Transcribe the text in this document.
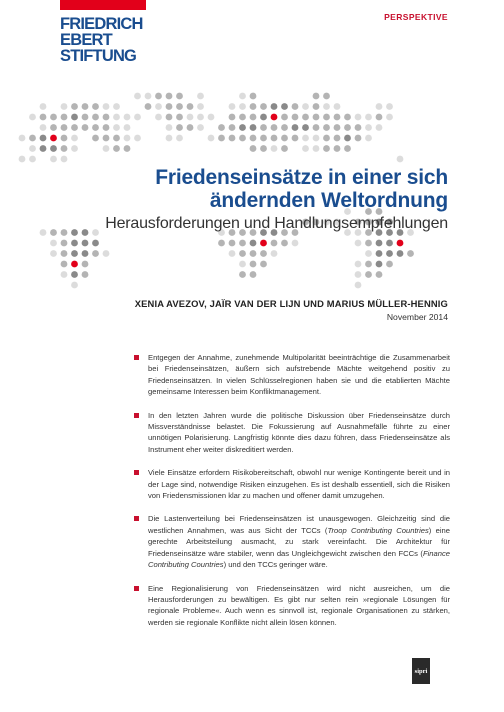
FRIEDRICH
EBERT
STIFTUNG
PERSPEKTIVE
Friedenseinsätze in einer sich
ändernden Weltordnung
Herausforderungen und Handlungsempfehlungen
XENIA AVEZOV, JAÏR VAN DER LIJN UND MARIUS MÜLLER-HENNIG
November 2014
Entgegen der Annahme, zunehmende Multipolarität beeinträchtige die Zusammenarbeit bei Friedenseinsätzen, äußern sich aufstrebende Mächte weitgehend positiv zu Friedenseinsätzen. In vielen Schlüsselregionen haben sie und die etablierten Mächte gemeinsame Interessen beim Konfliktmanagement.
In den letzten Jahren wurde die politische Diskussion über Friedenseinsätze durch Missverständnisse belastet. Die Fokussierung auf Ausnahmefälle führte zu einer unnötigen Polarisierung. Langfristig könnte dies dazu führen, dass Friedenseinsätze als Instrument eher weiter diskreditiert werden.
Viele Einsätze erfordern Risikobereitschaft, obwohl nur wenige Kontingente bereit und in der Lage sind, notwendige Risiken einzugehen. Es ist deshalb essentiell, sich die Risiken von Friedensmissionen klar zu machen und offener damit umzugehen.
Die Lastenverteilung bei Friedenseinsätzen ist unausgewogen. Gleichzeitig sind die westlichen Annahmen, was aus Sicht der TCCs (Troop Contributing Countries) eine gerechte Arbeitsteilung ausmacht, zu stark vereinfacht. Die Architektur für Friedenseinsätze wäre stabiler, wenn das Ungleichgewicht zwischen den FCCs (Finance Contributing Countries) und den TCCs geringer wäre.
Eine Regionalisierung von Friedenseinsätzen wird nicht ausreichen, um die Herausforderungen zu bewältigen. Es gibt nur selten rein »regionale Lösungen für regionale Probleme«. Auch wenn es sinnvoll ist, regionale Organisationen zu stärken, werden sie regionale Konflikte nicht allein lösen können.
sipri
